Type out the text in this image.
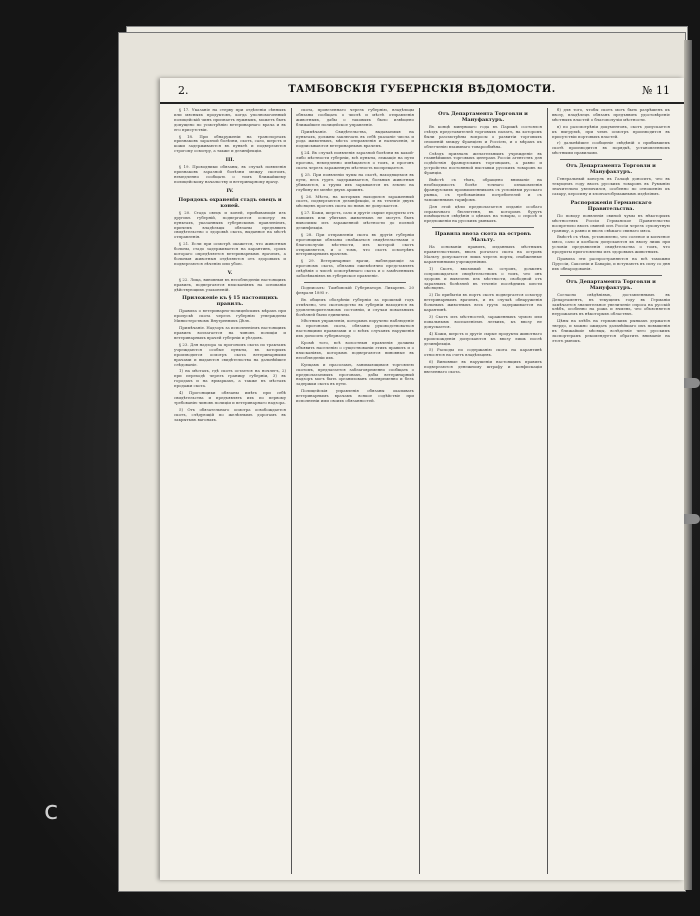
2.	ТАМБОВСКIЯ ГУБЕРНСКIЯ ВѢДОМОСТИ.	№ 11

§ 17. Указаніе на стерву при отдѣленіи сѣнныхъ или мясныхъ продуктовъ, когда уполномоченный полицейскій чинъ признаетъ нужнымъ, можетъ быть допущено по усмотрѣнію ветеринарнаго врача и въ его присутствіи.

§ 18. При обнаруженіи на транспортахъ признаковъ заразной болѣзни, скотъ, сало, шерсть и кожи задерживаются въ пунктѣ и подвергаются строгому осмотру, а также и дезинфекціи.

III.

§ 19. Проводники обязаны, въ случаѣ появленія признаковъ заразной болѣзни между скотомъ, немедленно сообщать о томъ ближайшему полицейскому начальству и ветеринарному врачу.

IV.
Порядокъ охраненія стадъ овецъ и коней.

§ 20. Стада овецъ и коней, прибывающія изъ другихъ губерній, подвергаются осмотру въ пунктахъ, указанныхъ губернскимъ правленіемъ, причемъ владѣльцы обязаны предъявить свидѣтельство о здоровьѣ скота, выданное на мѣстѣ отправленія.

§ 21. Если при осмотрѣ окажется, что животныя больны, стадо задерживается на карантинъ, срокъ котораго опредѣляется ветеринарнымъ врачемъ, а больныя животныя отдѣляются отъ здоровыхъ и подвергаются лѣченію или убою.

V.

§ 22. Лица, виновныя въ несоблюденіи настоящихъ правилъ, подвергаются взысканіямъ на основаніи дѣйствующихъ узаконеній.

Приложеніе къ § 15 настоящихъ правилъ.

Правила о ветеринарно-полицейскихъ мѣрахъ при пропускѣ скота черезъ губернію утверждены Министерствомъ Внутреннихъ Дѣлъ.

Примѣчаніе. Надзоръ за исполненіемъ настоящихъ правилъ возлагается на чиновъ полиціи и ветеринарныхъ врачей губерніи и уѣздовъ.

§ 23. Для надзора за прогономъ скота по трактамъ учреждаются особые пункты, въ которыхъ производится осмотръ скота ветеринарными врачами и выдаются свидѣтельства на дальнѣйшее слѣдованіе.

1) на мѣстахъ, гдѣ скотъ остается на ночлегъ, 2) при переходѣ черезъ границу губерніи, 3) въ городахъ и на ярмаркахъ, а также въ мѣстахъ продажи скота.

4) Прогонщики обязаны имѣть при себѣ свидѣтельства и предъявлять ихъ по первому требованію чиновъ полиціи и ветеринарнаго надзора.

5) Отъ обязательнаго осмотра освобождается скотъ, слѣдующій по желѣзнымъ дорогамъ въ закрытыхъ вагонахъ.

скота, провезеннаго черезъ губернію, владѣльцы обязаны сообщать о числѣ и мѣстѣ отправленія животныхъ, дабы о таковыхъ было извѣщено ближайшее полицейское управленіе.

Примѣчаніе. Свидѣтельства, выдаваемыя на пунктахъ, должны заключать въ себѣ указаніе числа и рода животныхъ, мѣста отправленія и назначенія, и подписываются ветеринарнымъ врачемъ.

§ 24. Въ случаѣ появленія заразной болѣзни въ какой-либо мѣстности губерніи, всѣ пункты, лежащіе на пути прогона, немедленно извѣщаются о томъ, и прогонъ скота черезъ зараженную мѣстность воспрещается.

§ 25. При появленіи чумы на скотѣ, находящемся въ пути, весь гуртъ задерживается, больныя животныя убиваются, а трупы ихъ зарываются въ землю на глубину не менѣе двухъ аршинъ.

§ 26. Мѣста, на которыхъ находился зараженный скотъ, подвергаются дезинфекціи, и въ теченіе двухъ мѣсяцевъ прогонъ скота по нимъ не допускается.

§ 27. Кожи, шерсть, сало и другіе сырые продукты отъ павшихъ или убитыхъ животныхъ не могутъ быть вывозимы изъ зараженной мѣстности до полной дезинфекціи.

§ 28. При отправленіи скота въ другія губерніи прогонщики обязаны снабжаться свидѣтельствами о благополучіи мѣстности, изъ которой скотъ отправляется, и о томъ, что скотъ осмотрѣнъ ветеринарнымъ врачемъ.

§ 29. Ветеринарные врачи, наблюдающіе за прогономъ скота, обязаны ежемѣсячно представлять свѣдѣнія о числѣ осмотрѣннаго скота и о замѣченныхъ заболѣваніяхъ въ губернское правленіе.

Подписалъ: Тамбовскій Губернаторъ Лихаревъ. 20 февраля 1895 г.

Въ общемъ обозрѣніи губерніи за прошлый годъ отмѣчено, что скотоводство въ губерніи находится въ удовлетворительномъ состояніи, и случаи повальныхъ болѣзней были единичны.

Мѣстныя управленія, которымъ поручено наблюденіе за прогономъ скота, обязаны руководствоваться настоящими правилами и о всѣхъ случаяхъ нарушенія ихъ доносить губернатору.

Кромѣ того, всѣ волостныя правленія должны объявить населенію о существованіи этихъ правилъ и о взысканіяхъ, которымъ подвергаются виновные въ несоблюденіи ихъ.

Купцамъ и прасоламъ, занимающимся торговлею скотомъ, предлагается заблаговременно сообщать о предполагаемыхъ прогонахъ, дабы ветеринарный надзоръ могъ быть организованъ своевременно и безъ задержки скота въ пути.

Полицейскія управленія обязаны оказывать ветеринарнымъ врачамъ всякое содѣйствіе при исполненіи ими своихъ обязанностей.

Отъ Департамента Торговли и Мануфактуръ.

Въ концѣ минувшаго года въ Парижѣ состоялся съѣздъ представителей торговыхъ палатъ, на которомъ были разсмотрѣны вопросы о развитіи торговыхъ сношеній между Франціею и Россіею, и о мѣрахъ къ облегченію взаимнаго товарообмѣна.

Съѣздъ призналъ желательнымъ учрежденіе въ главнѣйшихъ торговыхъ центрахъ Россіи агентствъ для содѣйствія французскимъ торговцамъ, а равно и устройство постоянной выставки русскихъ товаровъ во Франціи.

Вмѣстѣ съ тѣмъ, обращено вниманіе на необходимость болѣе точнаго ознакомленія французскихъ промышленниковъ съ условіями русскаго рынка, съ требованіями потребителей и съ таможеннымъ тарифомъ.

Для этой цѣли предполагается изданіе особаго справочнаго бюллетеня, въ которомъ будутъ помѣщаться свѣдѣнія о цѣнахъ на товары, о спросѣ и предложеніи на русскихъ рынкахъ.

Правила ввоза скота на островъ Мальту.

На основаніи правилъ, изданныхъ мѣстнымъ правительствомъ, ввозъ рогатаго скота на островъ Мальту допускается лишь черезъ порты, снабженные карантинными учрежденіями.

1) Скотъ, ввозимый на островъ, долженъ сопровождаться свидѣтельствомъ о томъ, что онъ здоровъ и вывезенъ изъ мѣстности, свободной отъ заразныхъ болѣзней въ теченіе послѣднихъ шести мѣсяцевъ.

2) По прибытіи въ портъ скотъ подвергается осмотру ветеринарнымъ врачемъ, и въ случаѣ обнаруженія больныхъ животныхъ весь грузъ задерживается на карантинѣ.

3) Скотъ изъ мѣстностей, зараженныхъ чумою или повальнымъ воспаленіемъ легкихъ, къ ввозу не допускается.

4) Кожи, шерсть и другіе сырые продукты животнаго происхожденія допускаются къ ввозу лишь послѣ дезинфекціи.

5) Расходы по содержанію скота на карантинѣ относятся на счетъ владѣльцевъ.

6) Виновные въ нарушеніи настоящихъ правилъ подвергаются денежному штрафу и конфискаціи ввезеннаго скота.

б) для того, чтобы скотъ могъ быть разрѣшенъ къ ввозу, владѣлецъ обязанъ предъявить удостовѣреніе мѣстныхъ властей о благополучіи мѣстности.

в) по разсмотрѣніи документовъ, скотъ допускается къ выгрузкѣ, при чемъ осмотръ производится въ присутствіи портовыхъ властей.

г) дальнѣйшее сообщеніе свѣдѣній о прибывшемъ скотѣ производится въ порядкѣ, установленномъ мѣстными правилами.

Отъ Департамента Торговли и Мануфактуръ.

Генеральный консулъ въ Галацѣ доноситъ, что въ текущемъ году ввозъ русскихъ товаровъ въ Румынію значительно увеличился, особенно по отношенію къ сахару, керосину и хлопчатобумажнымъ издѣліямъ.

Распоряженія Германскаго Правительства.

По поводу появленія свиной чумы въ нѣкоторыхъ мѣстностяхъ Россіи Германское Правительство воспретило ввозъ свиней изъ Россіи черезъ сухопутную границу, а равно и ввозъ свѣжаго свинаго мяса.

Вмѣстѣ съ тѣмъ, установлено, что соленое и копченое мясо, сало и колбасы допускаются къ ввозу лишь при условіи предъявленія свидѣтельства о томъ, что продукты приготовлены изъ здоровыхъ животныхъ.

Правила эти распространяются на всѣ таможни Пруссіи, Саксоніи и Баваріи, и вступаютъ въ силу со дня ихъ обнародованія.

Отъ Департамента Торговли и Мануфактуръ.

Согласно свѣдѣніямъ, доставленнымъ въ Департаментъ, въ текущемъ году въ Германіи замѣчается значительное увеличеніе спроса на русскій хлѣбъ, особенно на рожь и ячмень, что объясняется неурожаемъ въ нѣкоторыхъ областяхъ.

Цѣны на хлѣбъ на германскихъ рынкахъ держатся твердо, и можно ожидать дальнѣйшаго ихъ повышенія въ ближайшіе мѣсяцы, вслѣдствіе чего русскимъ экспортерамъ рекомендуется обратить вниманіе на этотъ рынокъ.

c
